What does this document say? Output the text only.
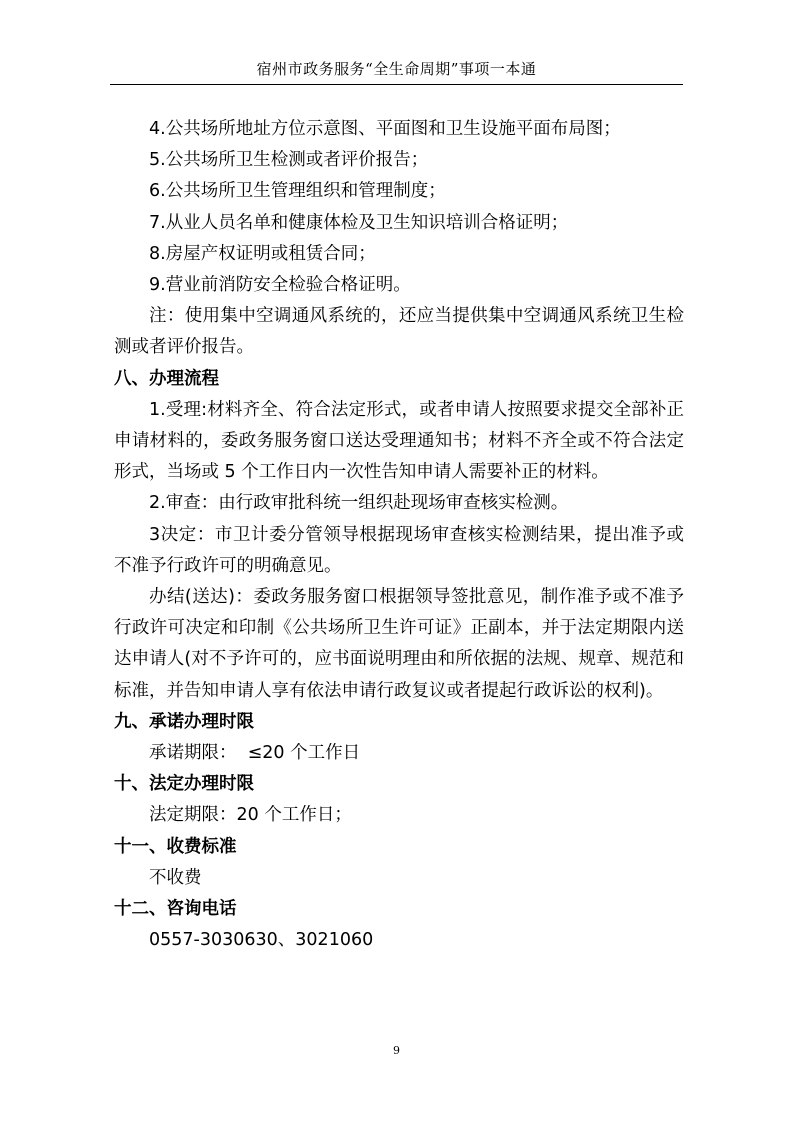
宿州市政务服务“全生命周期”事项一本通

4.公共场所地址方位示意图、平面图和卫生设施平面布局图；

5.公共场所卫生检测或者评价报告；

6.公共场所卫生管理组织和管理制度；

7.从业人员名单和健康体检及卫生知识培训合格证明；

8.房屋产权证明或租赁合同；

9.营业前消防安全检验合格证明。

注：使用集中空调通风系统的，还应当提供集中空调通风系统卫生检测或者评价报告。

八、办理流程

1.受理:材料齐全、符合法定形式，或者申请人按照要求提交全部补正申请材料的，委政务服务窗口送达受理通知书；材料不齐全或不符合法定形式，当场或 5 个工作日内一次性告知申请人需要补正的材料。

2.审查：由行政审批科统一组织赴现场审查核实检测。

3决定：市卫计委分管领导根据现场审查核实检测结果，提出准予或不准予行政许可的明确意见。

办结(送达)：委政务服务窗口根据领导签批意见，制作准予或不准予行政许可决定和印制《公共场所卫生许可证》正副本，并于法定期限内送达申请人(对不予许可的，应书面说明理由和所依据的法规、规章、规范和标准，并告知申请人享有依法申请行政复议或者提起行政诉讼的权利)。

九、承诺办理时限

承诺期限：  ≤20 个工作日

十、法定办理时限

法定期限：20 个工作日；

十一、收费标准

不收费

十二、咨询电话

0557-3030630、3021060

9
